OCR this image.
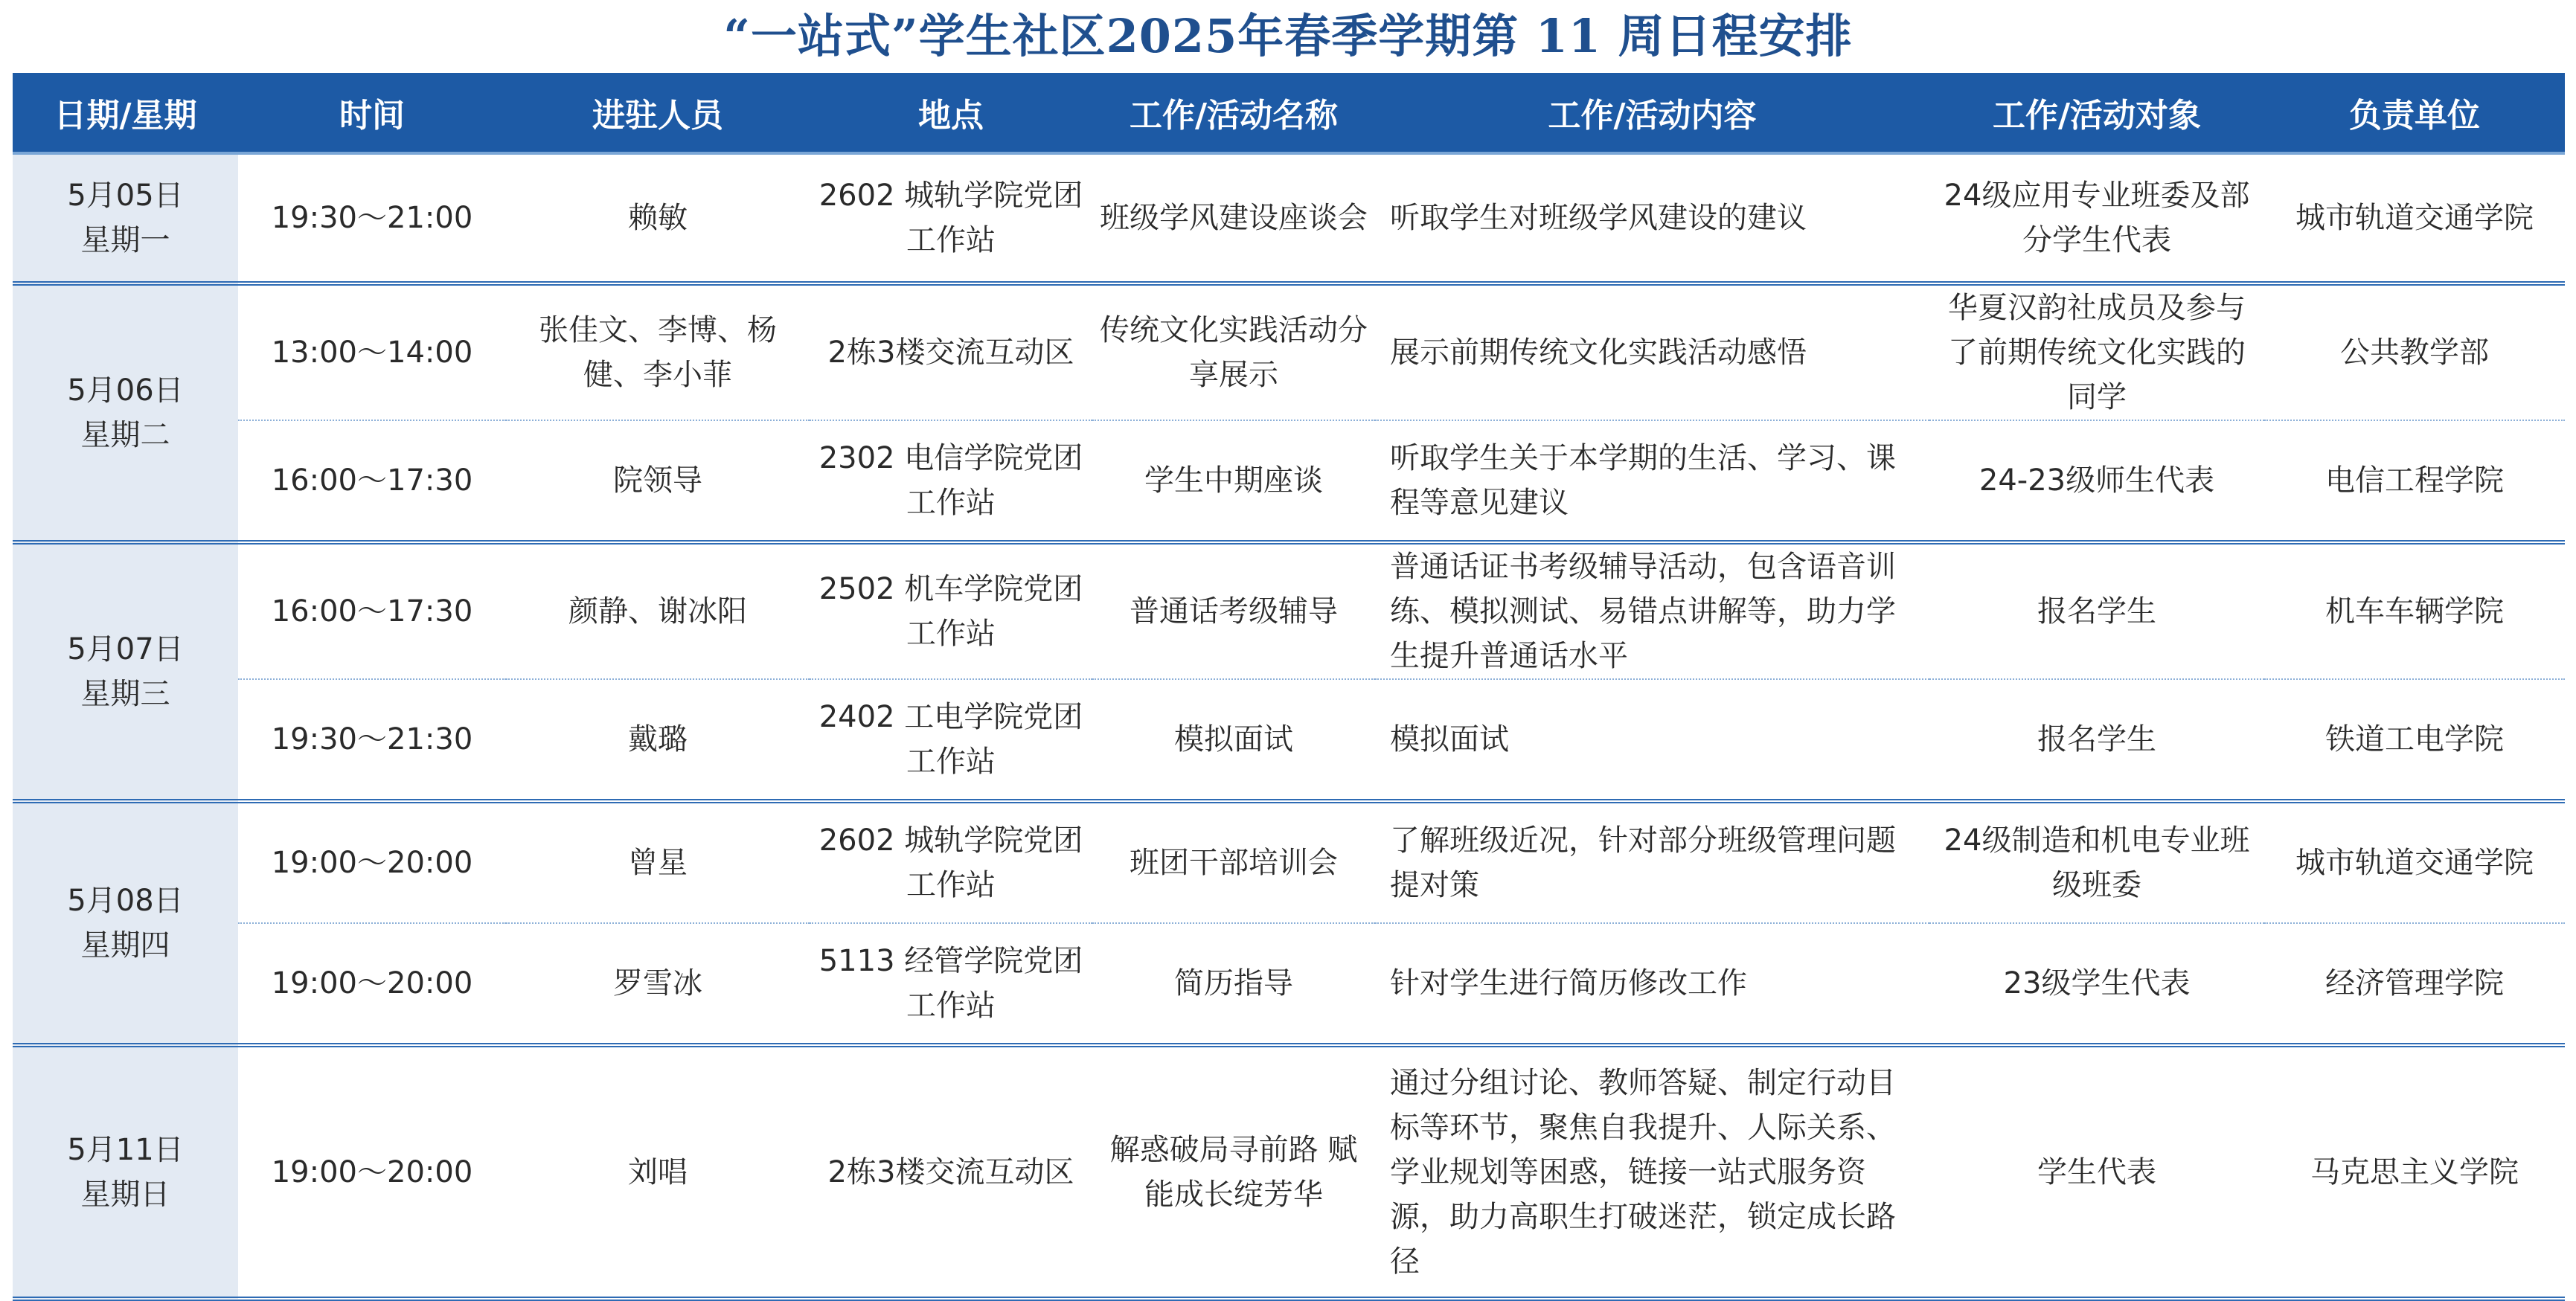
“一站式”学生社区2025年春季学期第 11 周日程安排
日期/星期	时间	进驻人员	地点	工作/活动名称	工作/活动内容	工作/活动对象	负责单位

5月05日
星期一	19:30～21:00	赖敏	2602 城轨学院党团工作站	班级学风建设座谈会	听取学生对班级学风建设的建议	24级应用专业班委及部分学生代表	城市轨道交通学院

5月06日
星期二	13:00～14:00	张佳文、李博、杨健、李小菲	2栋3楼交流互动区	传统文化实践活动分享展示	展示前期传统文化实践活动感悟	华夏汉韵社成员及参与了前期传统文化实践的同学	公共教学部
	16:00～17:30	院领导	2302 电信学院党团工作站	学生中期座谈	听取学生关于本学期的生活、学习、课程等意见建议	24-23级师生代表	电信工程学院

5月07日
星期三	16:00～17:30	颜静、谢冰阳	2502 机车学院党团工作站	普通话考级辅导	普通话证书考级辅导活动，包含语音训练、模拟测试、易错点讲解等，助力学生提升普通话水平	报名学生	机车车辆学院
	19:30～21:30	戴璐	2402 工电学院党团工作站	模拟面试	模拟面试	报名学生	铁道工电学院

5月08日
星期四	19:00～20:00	曾星	2602 城轨学院党团工作站	班团干部培训会	了解班级近况，针对部分班级管理问题提对策	24级制造和机电专业班级班委	城市轨道交通学院
	19:00～20:00	罗雪冰	5113 经管学院党团工作站	简历指导	针对学生进行简历修改工作	23级学生代表	经济管理学院

5月11日
星期日	19:00～20:00	刘唱	2栋3楼交流互动区	解惑破局寻前路 赋能成长绽芳华	通过分组讨论、教师答疑、制定行动目标等环节，聚焦自我提升、人际关系、学业规划等困惑，链接一站式服务资源，助力高职生打破迷茫，锁定成长路径	学生代表	马克思主义学院
